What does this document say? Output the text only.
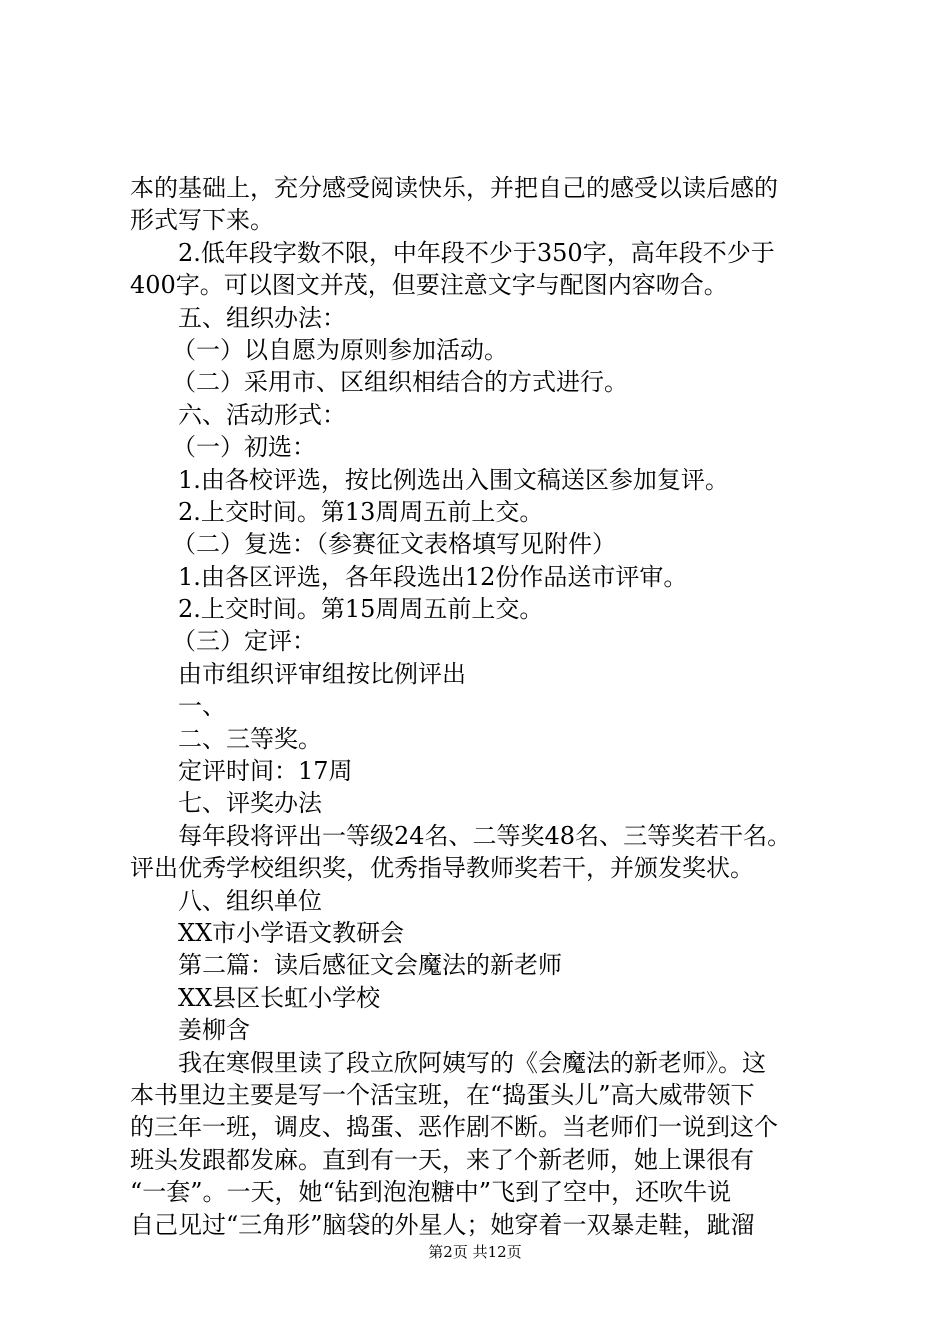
本的基础上，充分感受阅读快乐，并把自己的感受以读后感的
形式写下来。
2.低年段字数不限，中年段不少于350字，高年段不少于
400字。可以图文并茂，但要注意文字与配图内容吻合。
五、组织办法：
（一）以自愿为原则参加活动。
（二）采用市、区组织相结合的方式进行。
六、活动形式：
（一）初选：
1.由各校评选，按比例选出入围文稿送区参加复评。
2.上交时间。第13周周五前上交。
（二）复选：（参赛征文表格填写见附件）
1.由各区评选，各年段选出12份作品送市评审。
2.上交时间。第15周周五前上交。
（三）定评：
由市组织评审组按比例评出
一、
二、三等奖。
定评时间：17周
七、评奖办法
每年段将评出一等级24名、二等奖48名、三等奖若干名。
评出优秀学校组织奖，优秀指导教师奖若干，并颁发奖状。
八、组织单位
XX市小学语文教研会
第二篇：读后感征文会魔法的新老师
XX县区长虹小学校
姜柳含
我在寒假里读了段立欣阿姨写的《会魔法的新老师》。这
本书里边主要是写一个活宝班，在“捣蛋头儿”高大威带领下
的三年一班，调皮、捣蛋、恶作剧不断。当老师们一说到这个
班头发跟都发麻。直到有一天，来了个新老师，她上课很有
“一套”。一天，她“钻到泡泡糖中”飞到了空中，还吹牛说
自己见过“三角形”脑袋的外星人；她穿着一双暴走鞋，跐溜
第2页 共12页
